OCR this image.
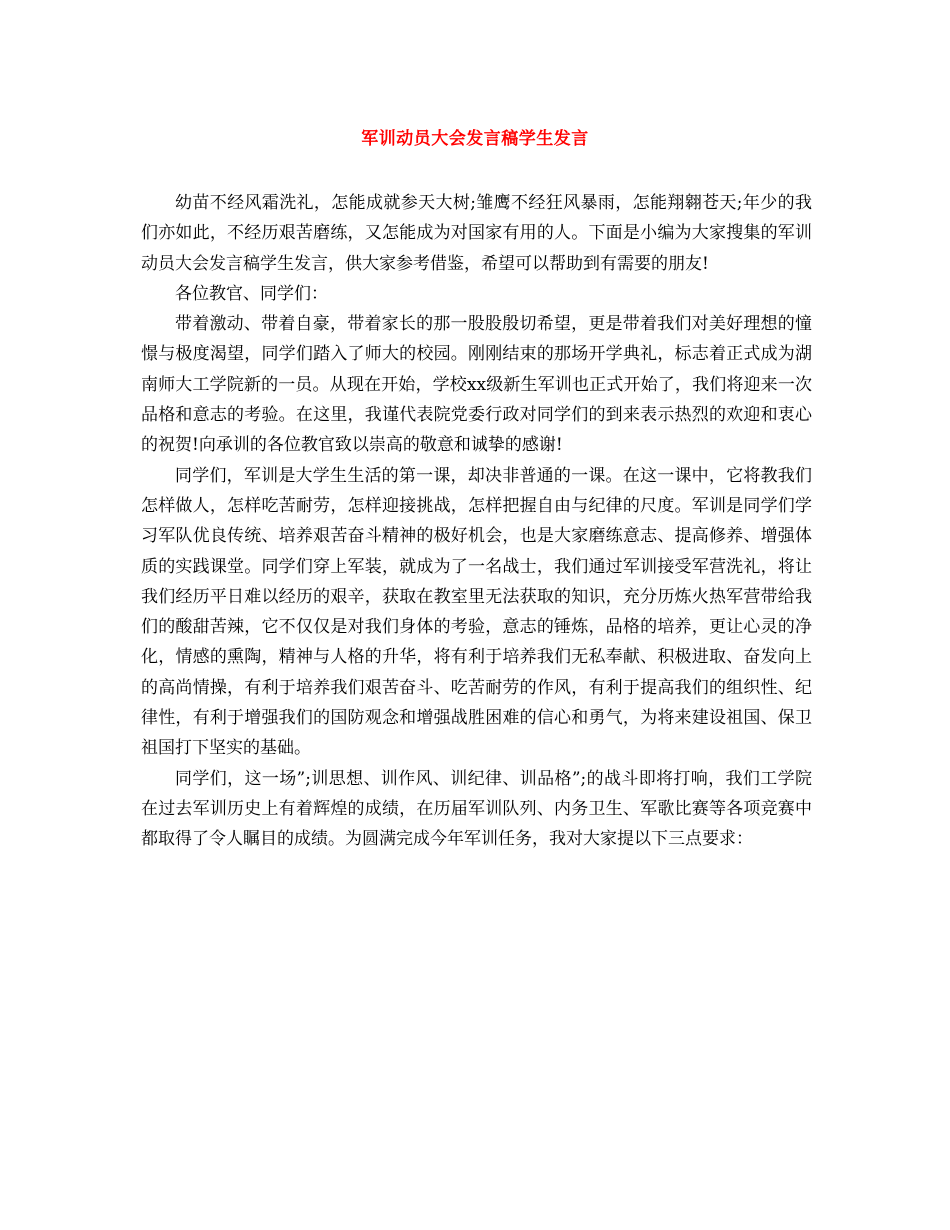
军训动员大会发言稿学生发言

幼苗不经风霜洗礼，怎能成就参天大树;雏鹰不经狂风暴雨，怎能翔翱苍天;年少的我们亦如此，不经历艰苦磨练，又怎能成为对国家有用的人。下面是小编为大家搜集的军训动员大会发言稿学生发言，供大家参考借鉴，希望可以帮助到有需要的朋友!

各位教官、同学们：

带着激动、带着自豪，带着家长的那一股股殷切希望，更是带着我们对美好理想的憧憬与极度渴望，同学们踏入了师大的校园。刚刚结束的那场开学典礼，标志着正式成为湖南师大工学院新的一员。从现在开始，学校xx级新生军训也正式开始了，我们将迎来一次品格和意志的考验。在这里，我谨代表院党委行政对同学们的到来表示热烈的欢迎和衷心的祝贺!向承训的各位教官致以崇高的敬意和诚挚的感谢!

同学们，军训是大学生生活的第一课，却决非普通的一课。在这一课中，它将教我们怎样做人，怎样吃苦耐劳，怎样迎接挑战，怎样把握自由与纪律的尺度。军训是同学们学习军队优良传统、培养艰苦奋斗精神的极好机会，也是大家磨练意志、提高修养、增强体质的实践课堂。同学们穿上军装，就成为了一名战士，我们通过军训接受军营洗礼，将让我们经历平日难以经历的艰辛，获取在教室里无法获取的知识，充分历炼火热军营带给我们的酸甜苦辣，它不仅仅是对我们身体的考验，意志的锤炼，品格的培养，更让心灵的净化，情感的熏陶，精神与人格的升华，将有利于培养我们无私奉献、积极进取、奋发向上的高尚情操，有利于培养我们艰苦奋斗、吃苦耐劳的作风，有利于提高我们的组织性、纪律性，有利于增强我们的国防观念和增强战胜困难的信心和勇气，为将来建设祖国、保卫祖国打下坚实的基础。

同学们，这一场”;训思想、训作风、训纪律、训品格”;的战斗即将打响，我们工学院在过去军训历史上有着辉煌的成绩，在历届军训队列、内务卫生、军歌比赛等各项竞赛中都取得了令人瞩目的成绩。为圆满完成今年军训任务，我对大家提以下三点要求：
